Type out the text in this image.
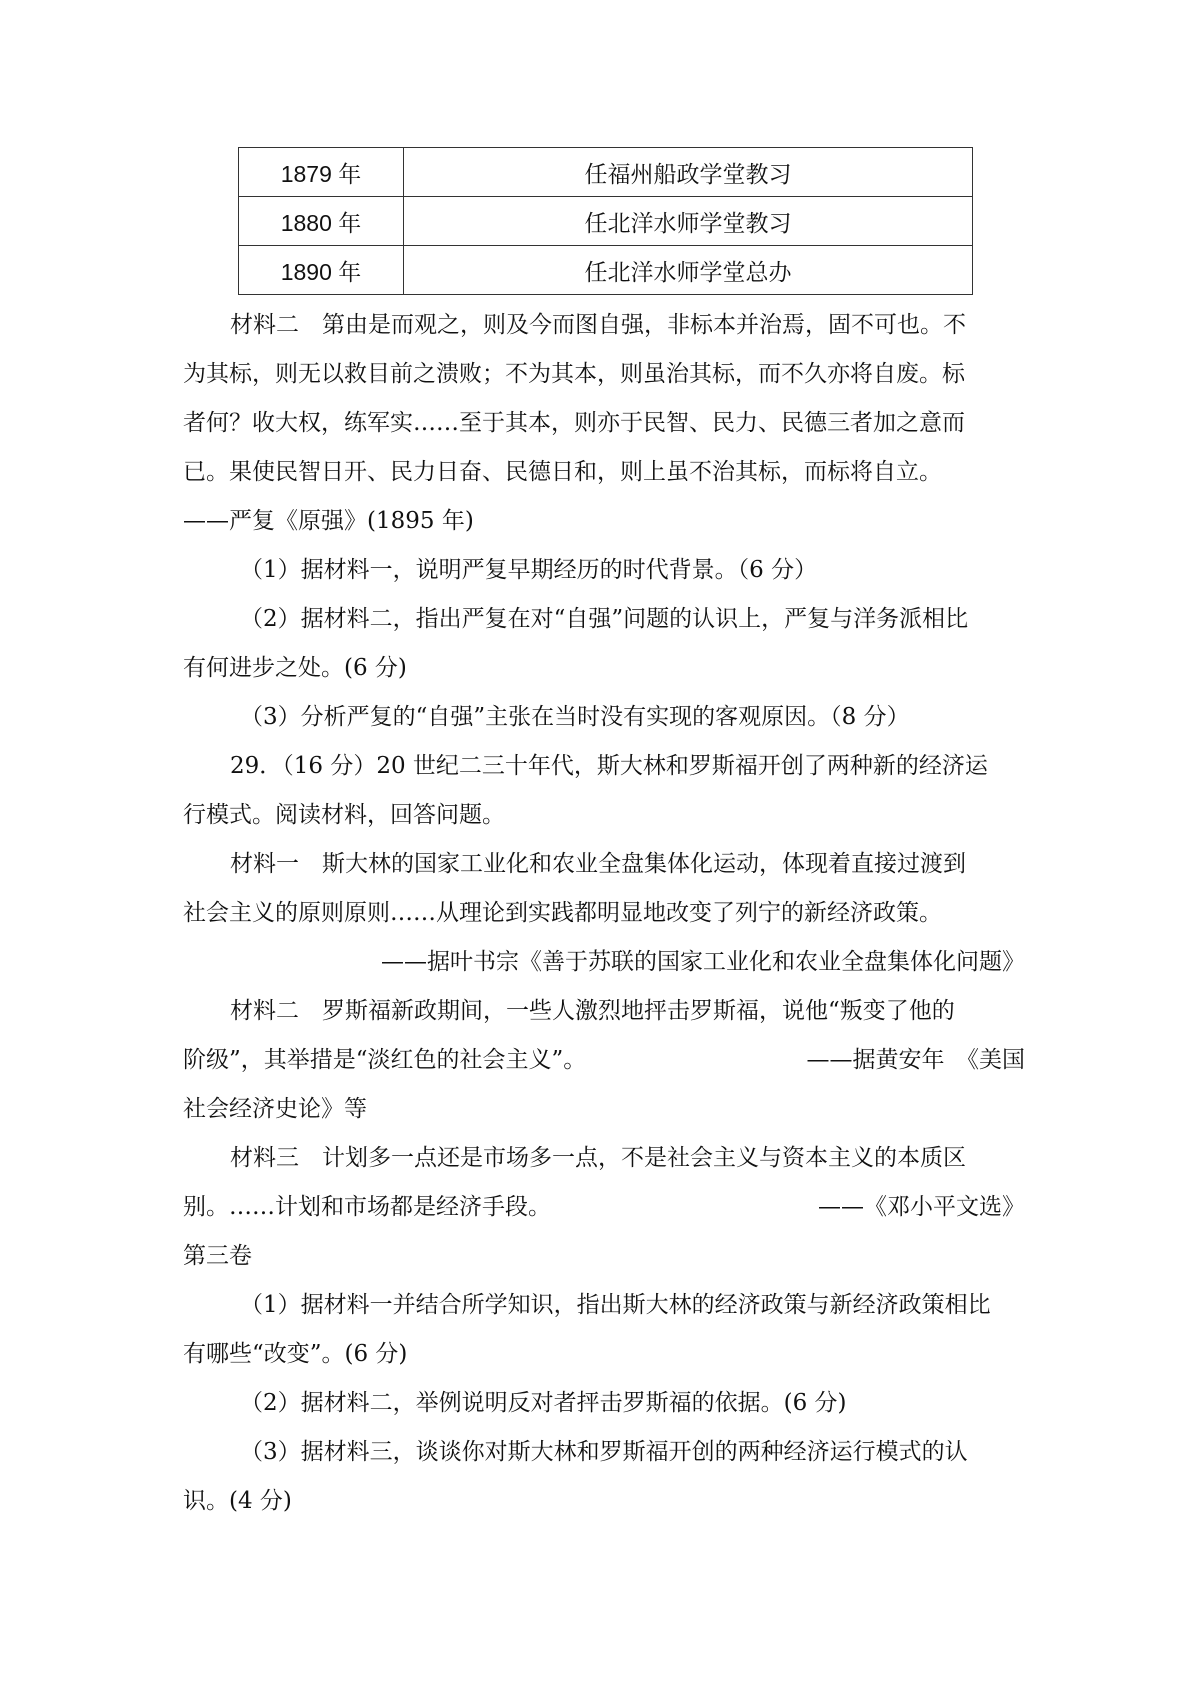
1879 年	任福州船政学堂教习
1880 年	任北洋水师学堂教习
1890 年	任北洋水师学堂总办
材料二　第由是而观之，则及今而图自强，非标本并治焉，固不可也。不
为其标，则无以救目前之溃败；不为其本，则虽治其标，而不久亦将自废。标
者何？收大权，练军实……至于其本，则亦于民智、民力、民德三者加之意而
已。果使民智日开、民力日奋、民德日和，则上虽不治其标，而标将自立。
——严复《原强》(1895 年)
（1）据材料一，说明严复早期经历的时代背景。（6 分）
（2）据材料二，指出严复在对“自强”问题的认识上，严复与洋务派相比
有何进步之处。(6 分)
（3）分析严复的“自强”主张在当时没有实现的客观原因。（8 分）
29．（16 分）20 世纪二三十年代，斯大林和罗斯福开创了两种新的经济运
行模式。阅读材料，回答问题。
材料一　斯大林的国家工业化和农业全盘集体化运动，体现着直接过渡到
社会主义的原则原则……从理论到实践都明显地改变了列宁的新经济政策。
——据叶书宗《善于苏联的国家工业化和农业全盘集体化问题》
材料二　罗斯福新政期间，一些人激烈地抨击罗斯福，说他“叛变了他的
阶级”，其举措是“淡红色的社会主义”。	——据黄安年　《美国
社会经济史论》等
材料三　计划多一点还是市场多一点，不是社会主义与资本主义的本质区
别。……计划和市场都是经济手段。	——《邓小平文选》
第三卷
（1）据材料一并结合所学知识，指出斯大林的经济政策与新经济政策相比
有哪些“改变”。(6 分)
（2）据材料二，举例说明反对者抨击罗斯福的依据。(6 分)
（3）据材料三，谈谈你对斯大林和罗斯福开创的两种经济运行模式的认
识。(4 分)
